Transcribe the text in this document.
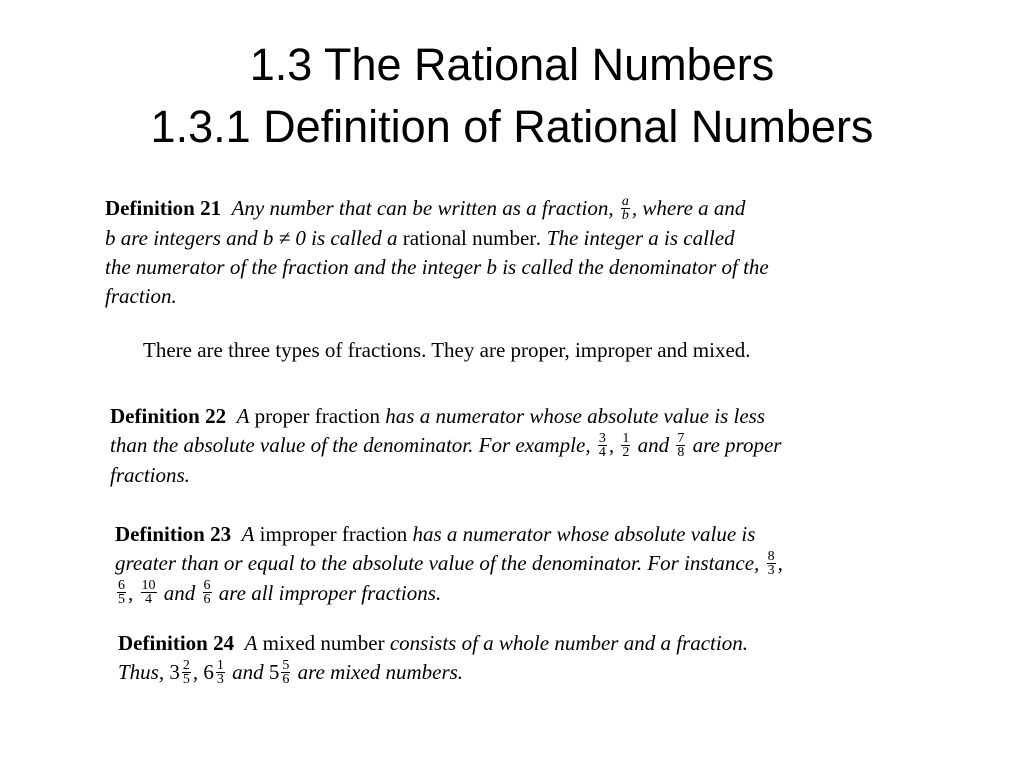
1.3 The Rational Numbers
1.3.1 Definition of Rational Numbers
Definition 21 Any number that can be written as a fraction, $\frac{a}{b}$ , where a and
b are integers and b ≠ 0 is called a rational number. The integer a is called
the numerator of the fraction and the integer b is called the denominator of the
fraction.
There are three types of fractions. They are proper, improper and mixed.
Definition 22 A proper fraction has a numerator whose absolute value is less
than the absolute value of the denominator. For example, $\frac{3}{4}$ , $\frac{1}{2}$ and $\frac{7}{8}$ are proper
fractions.
Definition 23 A improper fraction has a numerator whose absolute value is
greater than or equal to the absolute value of the denominator. For instance, $\frac{8}{3}$ ,
$\frac{6}{5}$ , $\frac{10}{4}$ and $\frac{6}{6}$ are all improper fractions.
Definition 24 A mixed number consists of a whole number and a fraction.
Thus, $3 \frac{2}{5}$ , $6 \frac{1}{3}$ and $5 \frac{5}{6}$ are mixed numbers.
